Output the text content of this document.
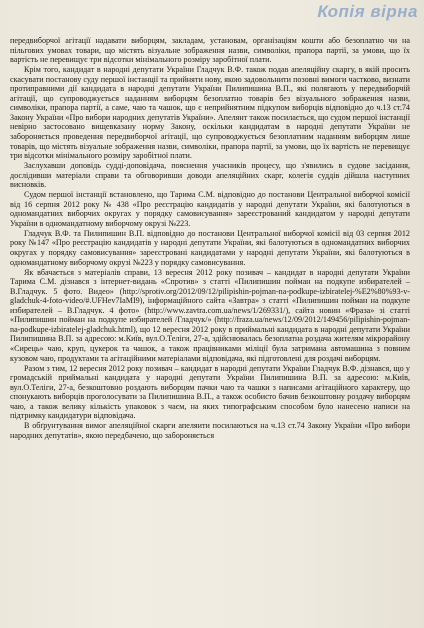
Копія вірна

передвиборчої агітації надавати виборцям, закладам, установам, організаціям кошти або безоплатно чи на пільгових умовах товари, що містять візуальне зображення назви, символіки, прапора партії, за умови, що їх вартість не перевищує три відсотки мінімального розміру заробітної плати.

Крім того, кандидат в народні депутати України Гладчук В.Ф. також подав апеляційну скаргу, в якій просить скасувати постанову суду першої інстанції та прийняти нову, якою задовольнити позовні вимоги частково, визнати протиправними дії кандидата в народні депутати України Пилипишина В.П., які полягають у передвиборчій агітації, що супроводжується наданням виборцям безоплатно товарів без візуального зображення назви, символіки, прапора партії, а саме, чаю та чашок, що є неприйнятним підкупом виборців відповідно до ч.13 ст.74 Закону України «Про вибори народних депутатів України». Апелянт також посилається, що судом першої інстанції невірно застосовано вищевказану норму Закону, оскільки кандидатам в народні депутати України не забороняється проведення передвиборчої агітації, що супроводжується безоплатним наданням виборцям лише товарів, що містять візуальне зображення назви, символіки, прапора партії, за умови, що їх вартість не перевищує три відсотки мінімального розміру заробітної плати.

Заслухавши доповідь судді-доповідача, пояснення учасників процесу, що з'явились в судове засідання, дослідивши матеріали справи та обговоривши доводи апеляційних скарг, колегія суддів дійшла наступних висновків.

Судом першої інстанції встановлено, що Тарима С.М. відповідно до постанови Центральної виборчої комісії від 16 серпня 2012 року № 438 «Про реєстрацію кандидатів у народні депутати України, які балотуються в одномандатних виборчих округах у порядку самовисування» зареєстрований кандидатом у народні депутати України в одномандатному виборчому окрузі №223.

Гладчук В.Ф. та Пилипишин В.П. відповідно до постанови Центральної виборчої комісії від 03 серпня 2012 року №147 «Про реєстрацію кандидатів у народні депутати України, які балотуються в одномандатних виборчих округах у порядку самовисування» зареєстровані кандидатами у народні депутати України, які балотуються в одномандатному виборчому окрузі №223 у порядку самовисування.

Як вбачається з матеріалів справи, 13 вересня 2012 року позивач – кандидат в народні депутати України Тарима С.М. дізнався з інтернет-видань «Спротив» з статті «Пилипишин пойман на подкупе избирателей – В.Гладчук. 5 фото. Видео» (http://sprotiv.org/2012/09/12/pilipishin-pojman-na-podkupe-izbiratelej-%E2%80%93-v-gladchuk-4-foto-video/#.UFHev7IaMI9), інформаційного сайта «Завтра» з статті «Пилипишин пойман на подкупе избирателей – В.Гладчук. 4 фото» (http://www.zavtra.com.ua/news/1/269331/), сайта новин «Фраза» зі статті «Пилипишин пойман на подкупе избирателей /Гладчук/» (http://fraza.ua/news/12/09/2012/149456/pilipishin-pojman-na-podkupe-izbiratelej-gladchuk.html), що 12 вересня 2012 року в приймальні кандидата в народні депутати України Пилипишина В.П. за адресою: м.Київ, вул.О.Теліги, 27-а, здійснювалась безоплатна роздача жителям мікрорайону «Сирець» чаю, круп, цукерок та чашок, а також працівниками міліції була затримана автомашина з повним кузовом чаю, продуктами та агітаційними матеріалами відповідача, які підготовлені для роздачі виборцям.

Разом з тим, 12 вересня 2012 року позивач – кандидат в народні депутати України Гладчук В.Ф. дізнався, що у громадській приймальні кандидата у народні депутати України Пилипишина В.П. за адресою: м.Київ, вул.О.Теліги, 27-а, безкоштовно роздають виборцям пачки чаю та чашки з написами агітаційного характеру, що спонукають виборців проголосувати за Пилипишина В.П., а також особисто бачив безкоштовну роздачу виборцям чаю, а також велику кількість упаковок з чаєм, на яких типографським способом було нанесено написи на підтримку кандидатури відповідача.

В обґрунтування вимог апеляційної скарги апеляити посилаються на ч.13 ст.74 Закону України «Про вибори народних депутатів», якою передбачено, що забороняється
